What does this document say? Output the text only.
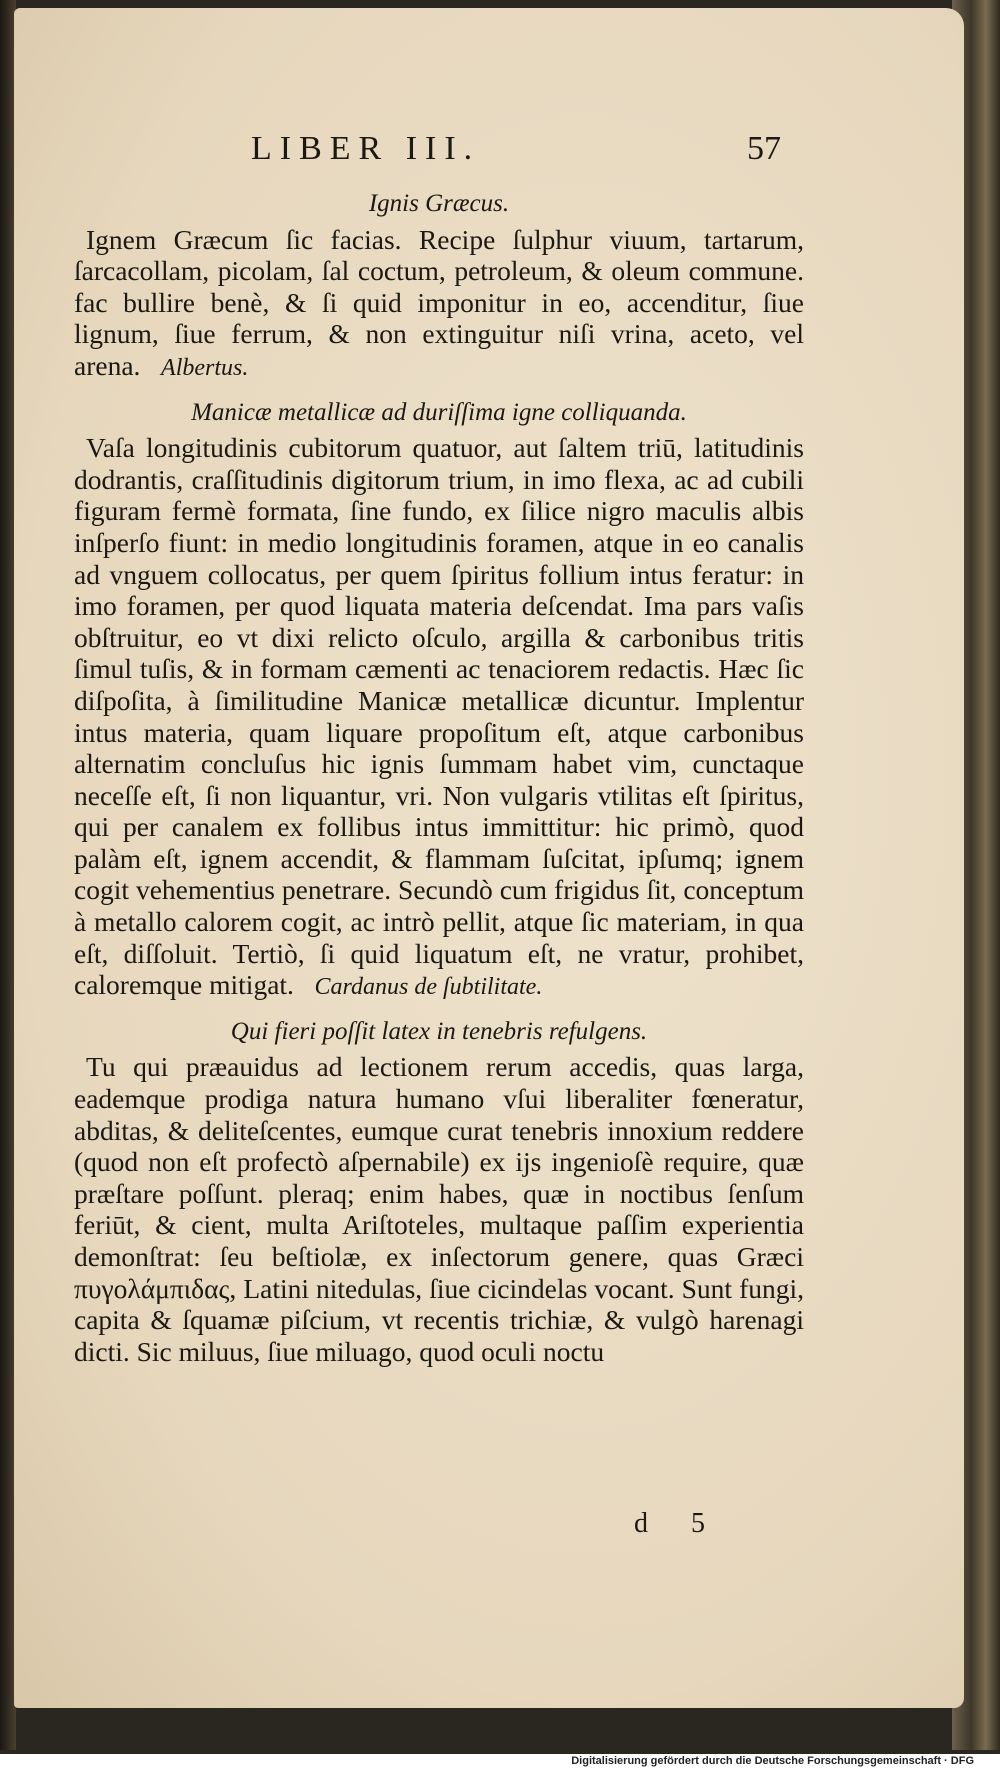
LIBER III.	57
Ignis Græcus.

Ignem Græcum ſic facias. Recipe ſulphur viuum, tartarum, ſarcacollam, picolam, ſal coctum, petroleum, & oleum commune. fac bullire benè, & ſi quid imponitur in eo, accenditur, ſiue lignum, ſiue ferrum, & non extinguitur niſi vrina, aceto, vel arena. Albertus.

Manicæ metallicæ ad duriſſima igne colliquanda.

Vaſa longitudinis cubitorum quatuor, aut ſaltem triū, latitudinis dodrantis, craſſitudinis digitorum trium, in imo flexa, ac ad cubili figuram fermè formata, ſine fundo, ex ſilice nigro maculis albis inſperſo fiunt: in medio longitudinis foramen, atque in eo canalis ad vnguem collocatus, per quem ſpiritus follium intus feratur: in imo foramen, per quod liquata materia deſcendat. Ima pars vaſis obſtruitur, eo vt dixi relicto oſculo, argilla & carbonibus tritis ſimul tuſis, & in formam cæmenti ac tenaciorem redactis. Hæc ſic diſpoſita, à ſimilitudine Manicæ metallicæ dicuntur. Implentur intus materia, quam liquare propoſitum eſt, atque carbonibus alternatim concluſus hic ignis ſummam habet vim, cunctaque neceſſe eſt, ſi non liquantur, vri. Non vulgaris vtilitas eſt ſpiritus, qui per canalem ex follibus intus immittitur: hic primò, quod palàm eſt, ignem accendit, & flammam ſuſcitat, ipſumq; ignem cogit vehementius penetrare. Secundò cum frigidus ſit, conceptum à metallo calorem cogit, ac intrò pellit, atque ſic materiam, in qua eſt, diſſoluit. Tertiò, ſi quid liquatum eſt, ne vratur, prohibet, caloremque mitigat. Cardanus de ſubtilitate.

Qui fieri poſſit latex in tenebris refulgens.

Tu qui præauidus ad lectionem rerum accedis, quas larga, eademque prodiga natura humano vſui liberaliter fœneratur, abditas, & deliteſcentes, eumque curat tenebris innoxium reddere (quod non eſt profectò aſpernabile) ex ijs ingenioſè require, quæ præſtare poſſunt. pleraq; enim habes, quæ in noctibus ſenſum feriūt, & cient, multa Ariſtoteles, multaque paſſim experientia demonſtrat: ſeu beſtiolæ, ex inſectorum genere, quas Græci πυγολάμπιδας, Latini nitedulas, ſiue cicindelas vocant. Sunt fungi, capita & ſquamæ piſcium, vt recentis trichiæ, & vulgò harenagi dicti. Sic miluus, ſiue miluago, quod oculi noctu

d 5
Digitalisierung gefördert durch die Deutsche Forschungsgemeinschaft · DFG
